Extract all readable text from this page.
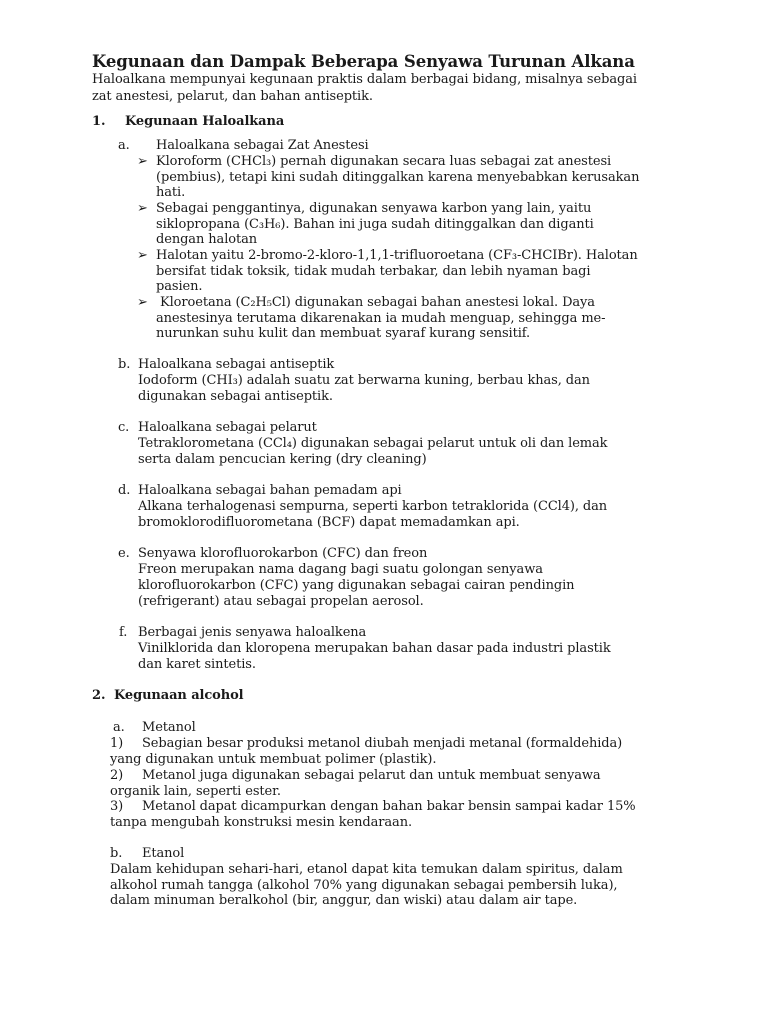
Kegunaan dan Dampak Beberapa Senyawa Turunan Alkana
Haloalkana mempunyai kegunaan praktis dalam berbagai bidang, misalnya sebagai
zat anestesi, pelarut, dan bahan antiseptik.
1. Kegunaan Haloalkana
a. Haloalkana sebagai Zat Anestesi
➢ Kloroform (CHCl₃) pernah digunakan secara luas sebagai zat anestesi
(pembius), tetapi kini sudah ditinggalkan karena menyebabkan kerusakan
hati.
➢ Sebagai penggantinya, digunakan senyawa karbon yang lain, yaitu
siklopropana (C₃H₆). Bahan ini juga sudah ditinggalkan dan diganti
dengan halotan
➢ Halotan yaitu 2-bromo-2-kloro-1,1,1-trifluoroetana (CF₃-CHCIBr). Halotan
bersifat tidak toksik, tidak mudah terbakar, dan lebih nyaman bagi
pasien.
➢ Kloroetana (C₂H₅Cl) digunakan sebagai bahan anestesi lokal. Daya
anestesinya terutama dikarenakan ia mudah menguap, sehingga me-
nurunkan suhu kulit dan membuat syaraf kurang sensitif.
b. Haloalkana sebagai antiseptik
Iodoform (CHI₃) adalah suatu zat berwarna kuning, berbau khas, dan
digunakan sebagai antiseptik.
c. Haloalkana sebagai pelarut
Tetraklorometana (CCl₄) digunakan sebagai pelarut untuk oli dan lemak
serta dalam pencucian kering (dry cleaning)
d. Haloalkana sebagai bahan pemadam api
Alkana terhalogenasi sempurna, seperti karbon tetraklorida (CCl4), dan
bromoklorodifluorometana (BCF) dapat memadamkan api.
e. Senyawa klorofluorokarbon (CFC) dan freon
Freon merupakan nama dagang bagi suatu golongan senyawa
klorofluorokarbon (CFC) yang digunakan sebagai cairan pendingin
(refrigerant) atau sebagai propelan aerosol.
f. Berbagai jenis senyawa haloalkena
Vinilklorida dan kloropena merupakan bahan dasar pada industri plastik
dan karet sintetis.
2. Kegunaan alcohol
a. Metanol
1) Sebagian besar produksi metanol diubah menjadi metanal (formaldehida)
yang digunakan untuk membuat polimer (plastik).
2) Metanol juga digunakan sebagai pelarut dan untuk membuat senyawa
organik lain, seperti ester.
3) Metanol dapat dicampurkan dengan bahan bakar bensin sampai kadar 15%
tanpa mengubah konstruksi mesin kendaraan.
b. Etanol
Dalam kehidupan sehari-hari, etanol dapat kita temukan dalam spiritus, dalam
alkohol rumah tangga (alkohol 70% yang digunakan sebagai pembersih luka),
dalam minuman beralkohol (bir, anggur, dan wiski) atau dalam air tape.
